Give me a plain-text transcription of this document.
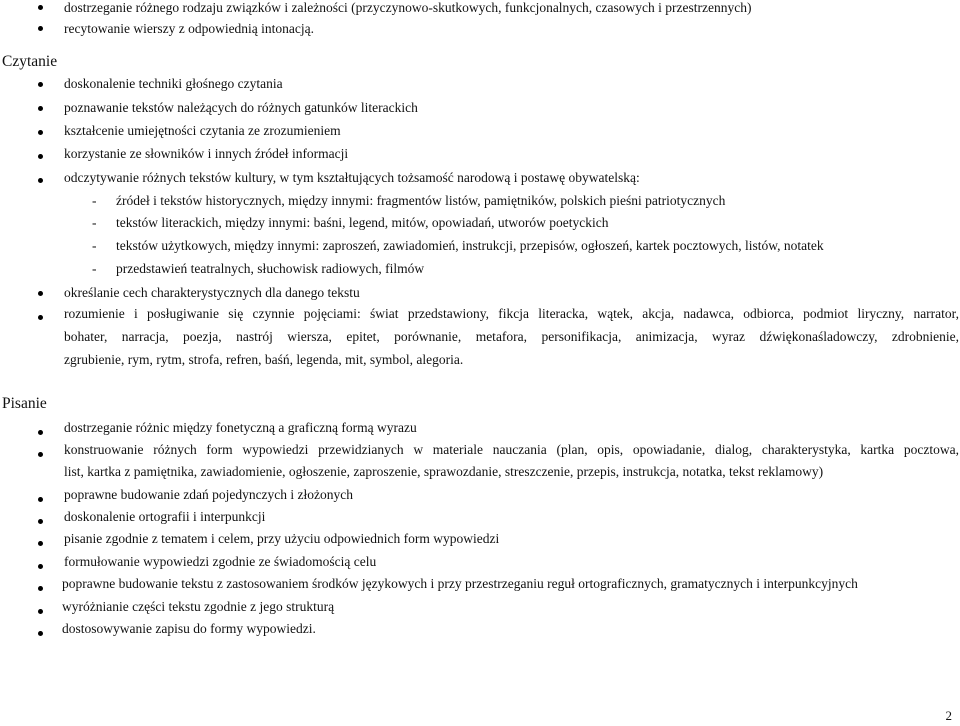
dostrzeganie różnego rodzaju związków i zależności (przyczynowo-skutkowych, funkcjonalnych, czasowych i przestrzennych)
recytowanie wierszy z odpowiednią intonacją.
Czytanie
doskonalenie techniki głośnego czytania
poznawanie tekstów należących do różnych gatunków literackich
kształcenie umiejętności czytania ze zrozumieniem
korzystanie ze słowników i innych źródeł informacji
odczytywanie różnych tekstów kultury, w tym kształtujących tożsamość narodową i postawę obywatelską:
- źródeł i tekstów historycznych, między innymi: fragmentów listów, pamiętników, polskich pieśni patriotycznych
- tekstów literackich, między innymi: baśni, legend, mitów, opowiadań, utworów poetyckich
- tekstów użytkowych, między innymi: zaproszeń, zawiadomień, instrukcji, przepisów, ogłoszeń, kartek pocztowych, listów, notatek
- przedstawień teatralnych, słuchowisk radiowych, filmów
określanie cech charakterystycznych dla danego tekstu
rozumienie i posługiwanie się czynnie pojęciami: świat przedstawiony, fikcja literacka, wątek, akcja, nadawca, odbiorca, podmiot liryczny, narrator,
bohater, narracja, poezja, nastrój wiersza, epitet, porównanie, metafora, personifikacja, animizacja, wyraz dźwiękonaśladowczy, zdrobnienie,
zgrubienie, rym, rytm, strofa, refren, baśń, legenda, mit, symbol, alegoria.
Pisanie
dostrzeganie różnic między fonetyczną a graficzną formą wyrazu
konstruowanie różnych form wypowiedzi przewidzianych w materiale nauczania (plan, opis, opowiadanie, dialog, charakterystyka, kartka pocztowa,
list, kartka z pamiętnika, zawiadomienie, ogłoszenie, zaproszenie, sprawozdanie, streszczenie, przepis, instrukcja, notatka, tekst reklamowy)
poprawne budowanie zdań pojedynczych i złożonych
doskonalenie ortografii i interpunkcji
pisanie zgodnie z tematem i celem, przy użyciu odpowiednich form wypowiedzi
formułowanie wypowiedzi zgodnie ze świadomością celu
poprawne budowanie tekstu z zastosowaniem środków językowych i przy przestrzeganiu reguł ortograficznych, gramatycznych i interpunkcyjnych
wyróżnianie części tekstu zgodnie z jego strukturą
dostosowywanie zapisu do formy wypowiedzi.
2
